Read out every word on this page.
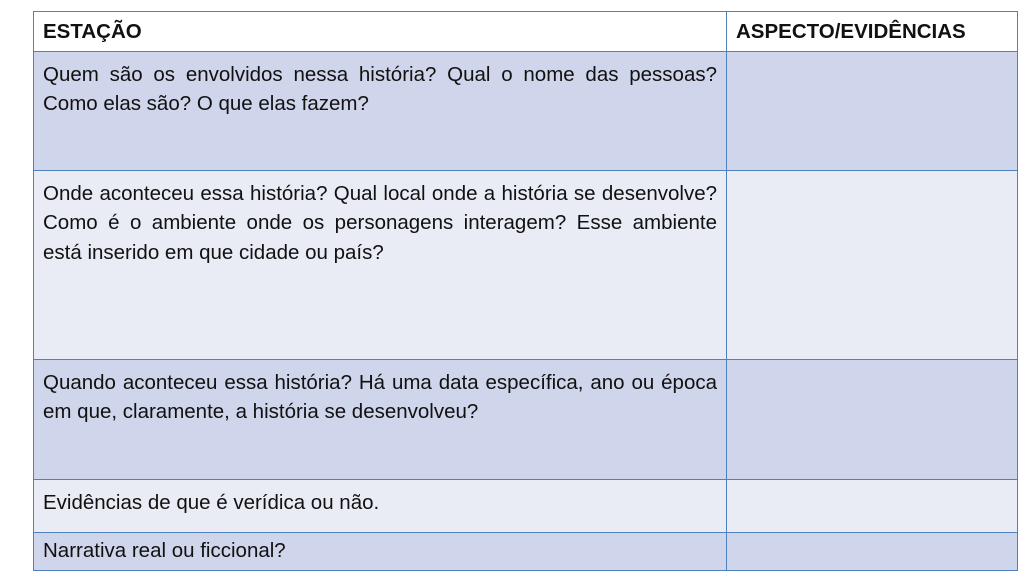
ESTAÇÃO	ASPECTO/EVIDÊNCIAS
Quem são os envolvidos nessa história? Qual o nome das pessoas? Como elas são? O que elas fazem?	
Onde aconteceu essa história? Qual local onde a história se desenvolve? Como é o ambiente onde os personagens interagem? Esse ambiente está inserido em que cidade ou país?	
Quando aconteceu essa história? Há uma data específica, ano ou época em que, claramente, a história se desenvolveu?	
Evidências de que é verídica ou não.	
Narrativa real ou ficcional?	
